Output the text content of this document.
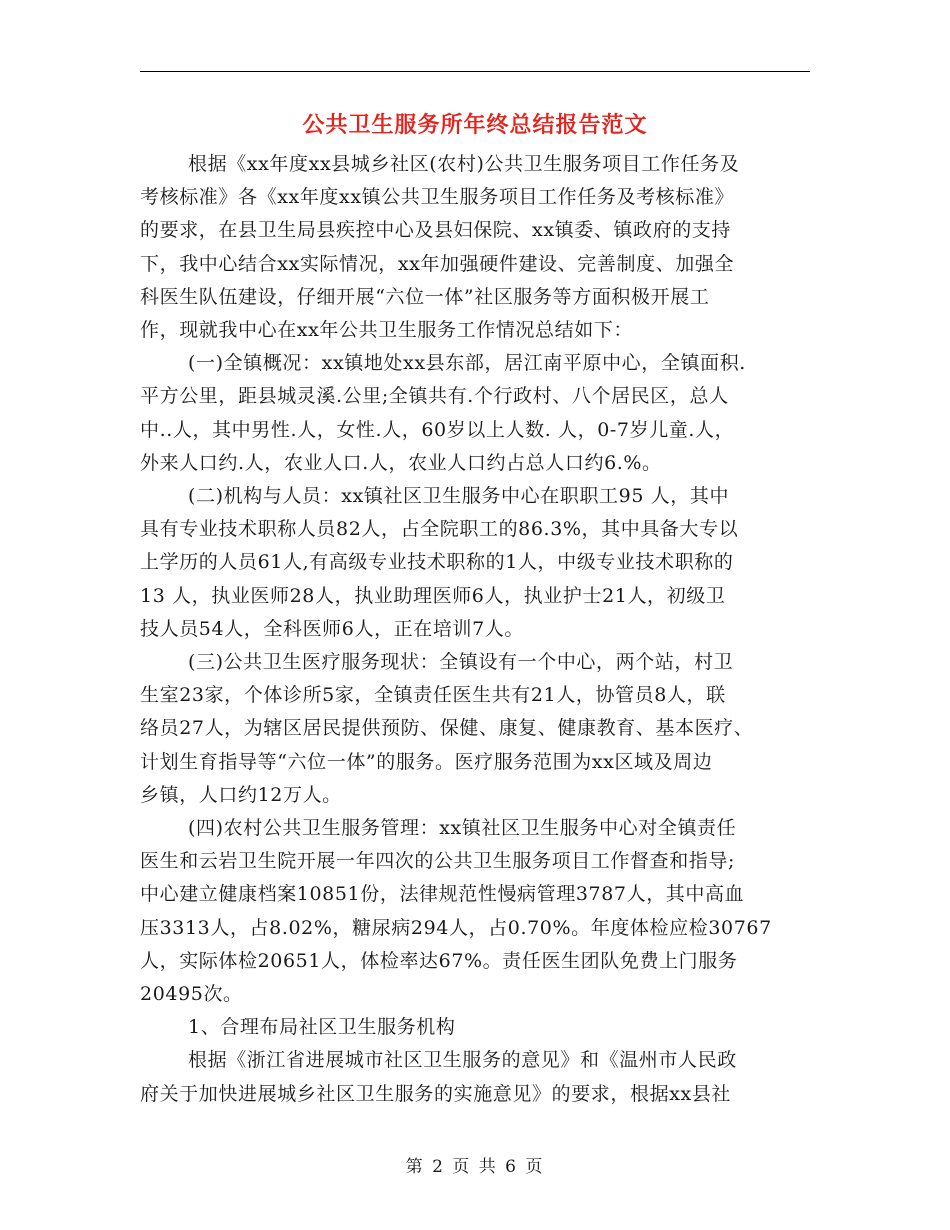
公共卫生服务所年终总结报告范文

根据《xx年度xx县城乡社区(农村)公共卫生服务项目工作任务及

考核标准》各《xx年度xx镇公共卫生服务项目工作任务及考核标准》

的要求，在县卫生局县疾控中心及县妇保院、xx镇委、镇政府的支持

下，我中心结合xx实际情况，xx年加强硬件建设、完善制度、加强全

科医生队伍建设，仔细开展“六位一体”社区服务等方面积极开展工

作，现就我中心在xx年公共卫生服务工作情况总结如下：

(一)全镇概况：xx镇地处xx县东部，居江南平原中心，全镇面积.

平方公里，距县城灵溪.公里;全镇共有.个行政村、八个居民区，总人

中..人，其中男性.人，女性.人，60岁以上人数. 人，0-7岁儿童.人，

外来人口约.人，农业人口.人，农业人口约占总人口约6.%。

(二)机构与人员：xx镇社区卫生服务中心在职职工95 人，其中

具有专业技术职称人员82人，占全院职工的86.3%，其中具备大专以

上学历的人员61人,有高级专业技术职称的1人，中级专业技术职称的

13 人，执业医师28人，执业助理医师6人，执业护士21人，初级卫

技人员54人，全科医师6人，正在培训7人。

(三)公共卫生医疗服务现状：全镇设有一个中心，两个站，村卫

生室23家，个体诊所5家，全镇责任医生共有21人，协管员8人，联

络员27人，为辖区居民提供预防、保健、康复、健康教育、基本医疗、

计划生育指导等“六位一体”的服务。医疗服务范围为xx区域及周边

乡镇，人口约12万人。

(四)农村公共卫生服务管理：xx镇社区卫生服务中心对全镇责任

医生和云岩卫生院开展一年四次的公共卫生服务项目工作督查和指导;

中心建立健康档案10851份，法律规范性慢病管理3787人，其中高血

压3313人，占8.02%，糖尿病294人，占0.70%。年度体检应检30767

人，实际体检20651人，体检率达67%。责任医生团队免费上门服务

20495次。

1、合理布局社区卫生服务机构

根据《浙江省进展城市社区卫生服务的意见》和《温州市人民政

府关于加快进展城乡社区卫生服务的实施意见》的要求，根据xx县社

第 2 页 共 6 页
